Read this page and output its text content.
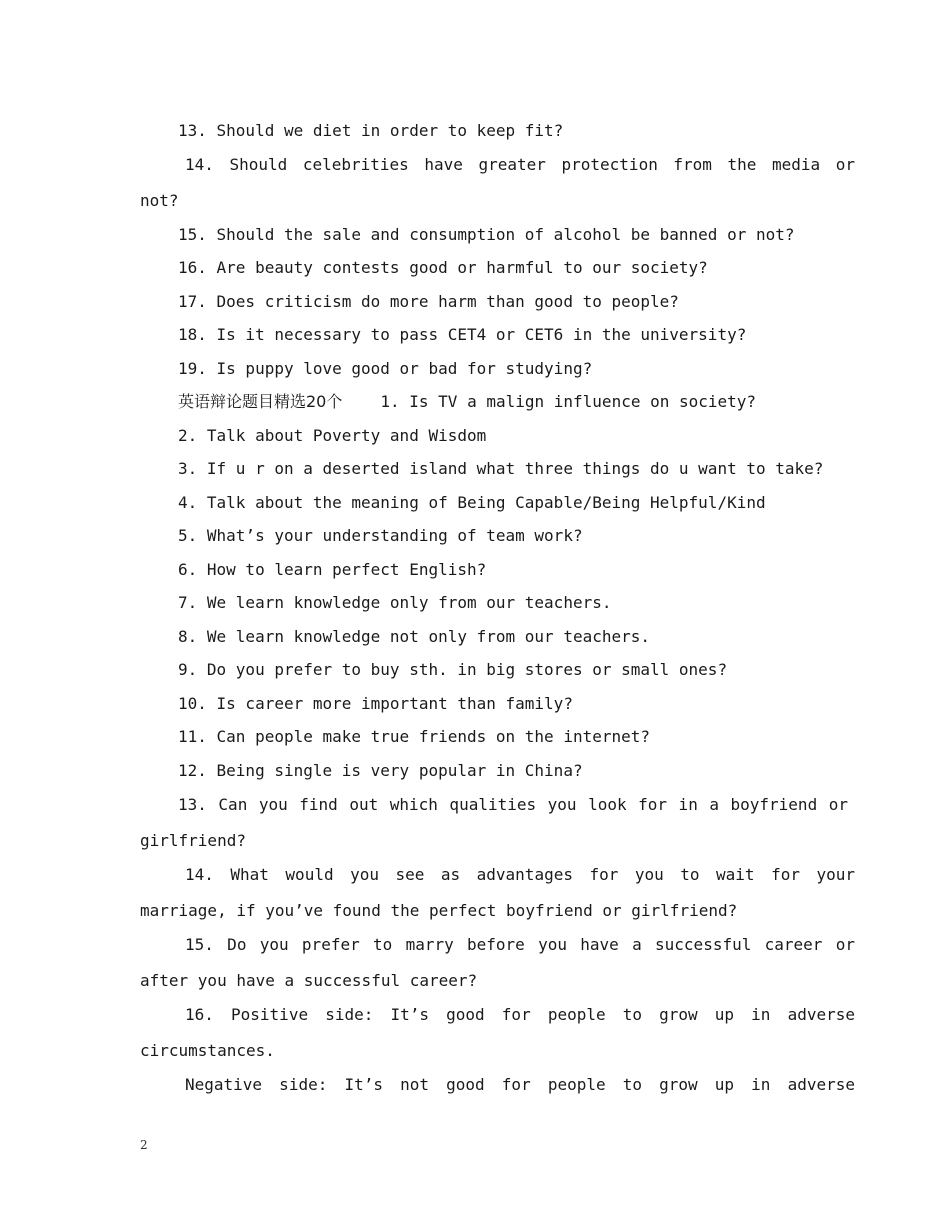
13. Should we diet in order to keep fit?
14. Should celebrities have greater protection from the media or
not?
15. Should the sale and consumption of alcohol be banned or not?
16. Are beauty contests good or harmful to our society?
17. Does criticism do more harm than good to people?
18. Is it necessary to pass CET4 or CET6 in the university?
19. Is puppy love good or bad for studying?
英语辩论题目精选20个 1. Is TV a malign influence on society?
2. Talk about Poverty and Wisdom
3. If u r on a deserted island what three things do u want to take?
4. Talk about the meaning of Being Capable/Being Helpful/Kind
5. What’s your understanding of team work?
6. How to learn perfect English?
7. We learn knowledge only from our teachers.
8. We learn knowledge not only from our teachers.
9. Do you prefer to buy sth. in big stores or small ones?
10. Is career more important than family?
11. Can people make true friends on the internet?
12. Being single is very popular in China?
13. Can you find out which qualities you look for in a boyfriend or
girlfriend?
14. What would you see as advantages for you to wait for your
marriage, if you’ve found the perfect boyfriend or girlfriend?
15. Do you prefer to marry before you have a successful career or
after you have a successful career?
16. Positive side: It’s good for people to grow up in adverse
circumstances.
Negative side: It’s not good for people to grow up in adverse
2
